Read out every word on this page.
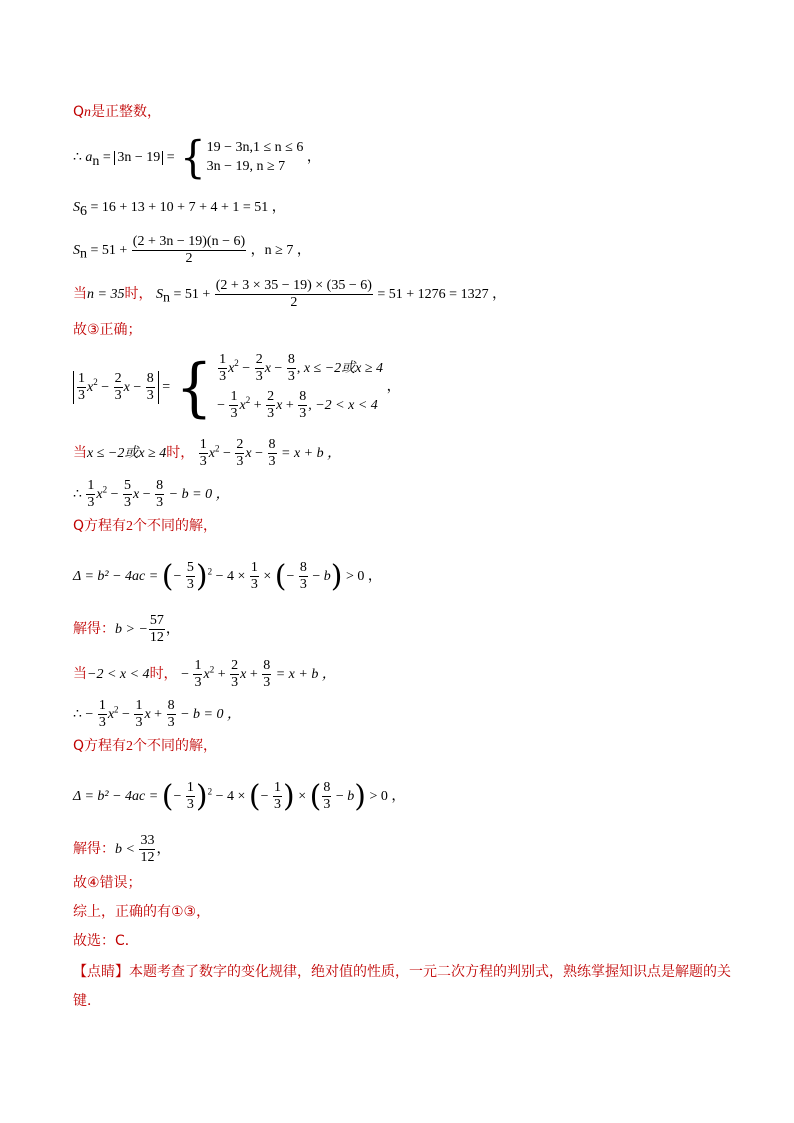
Qn是正整数，
∴ $a_n = 3n - 19$ = { 19 − 3n,1 ≤ n ≤ 6
3n − 19, n ≥ 7
，
$S_6 = 16 + 13 + 10 + 7 + 4 + 1 = 51$ ，
$S_n = 51 + \frac{(2 + 3n - 19)(n - 6)}{2}$ ，n ≥ 7 ，
当n = 35时， $S_n = 51 + \frac{(2 + 3 \times 35 - 19) \times (35 - 6)}{2} = 51 + 1276 = 1327$ ，
故③正确；
$\frac{1}{3} x^2 - \frac{2}{3}$ $x - \frac{8}{3}$ = { $\frac{1}{3} x^2 - \frac{2}{3}$ $x - \frac{8}{3}$ , x ≤ −2或x ≥ 4
− $\frac{1}{3} x^2 + \frac{2}{3}$ $x + \frac{8}{3}$ , −2 < x < 4
，
当x ≤ −2或x ≥ 4时， $\frac{1}{3} x^2 - \frac{2}{3}$ $x - \frac{8}{3} = x + b$ ，
∴ $\frac{1}{3} x^2 - \frac{5}{3}$ $x - \frac{8}{3} - b = 0$ ，
Q方程有2个不同的解，
Δ = b² − 4ac = (− $\frac{5}{3} )^2 - 4 \times \frac{1}{3}$ × (− $\frac{8}{3} - b) > 0$ ，
解得：b > − $\frac{57}{12}$ ，
当−2 < x < 4时， − $\frac{1}{3} x^2 + \frac{2}{3}$ $x + \frac{8}{3} = x + b$ ，
∴ − $\frac{1}{3} x^2 - \frac{1}{3}$ $x + \frac{8}{3} - b = 0$ ，
Q方程有2个不同的解，
Δ = b² − 4ac = (− $\frac{1}{3} )^2 - 4$ × (− $\frac{1}{3}$ ) × ( $\frac{8}{3} - b) > 0$ ，
解得：$b < \frac{33}{12}$ ，
故④错误；
综上，正确的有①③，
故选：C．
【点睛】本题考查了数字的变化规律，绝对值的性质，一元二次方程的判别式，熟练掌握知识点是解题的关键．
